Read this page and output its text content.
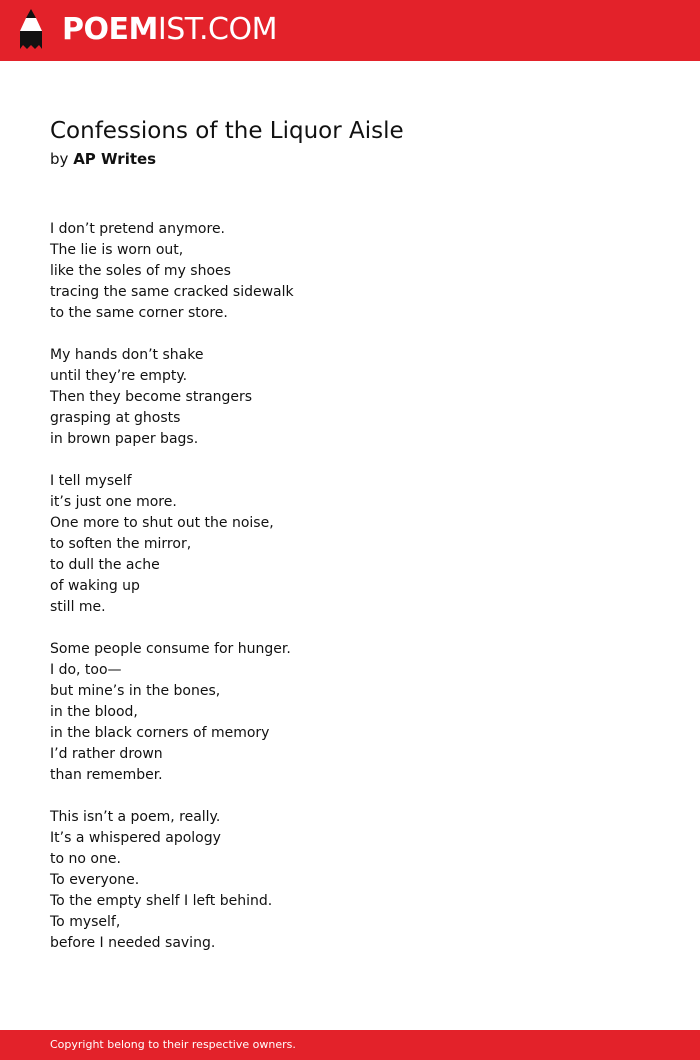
POEMIST.COM
Confessions of the Liquor Aisle
by AP Writes
I don’t pretend anymore.
The lie is worn out,
like the soles of my shoes
tracing the same cracked sidewalk
to the same corner store.
My hands don’t shake
until they’re empty.
Then they become strangers
grasping at ghosts
in brown paper bags.
I tell myself
it’s just one more.
One more to shut out the noise,
to soften the mirror,
to dull the ache
of waking up
still me.
Some people consume for hunger.
I do, too—
but mine’s in the bones,
in the blood,
in the black corners of memory
I’d rather drown
than remember.
This isn’t a poem, really.
It’s a whispered apology
to no one.
To everyone.
To the empty shelf I left behind.
To myself,
before I needed saving.
Copyright belong to their respective owners.
